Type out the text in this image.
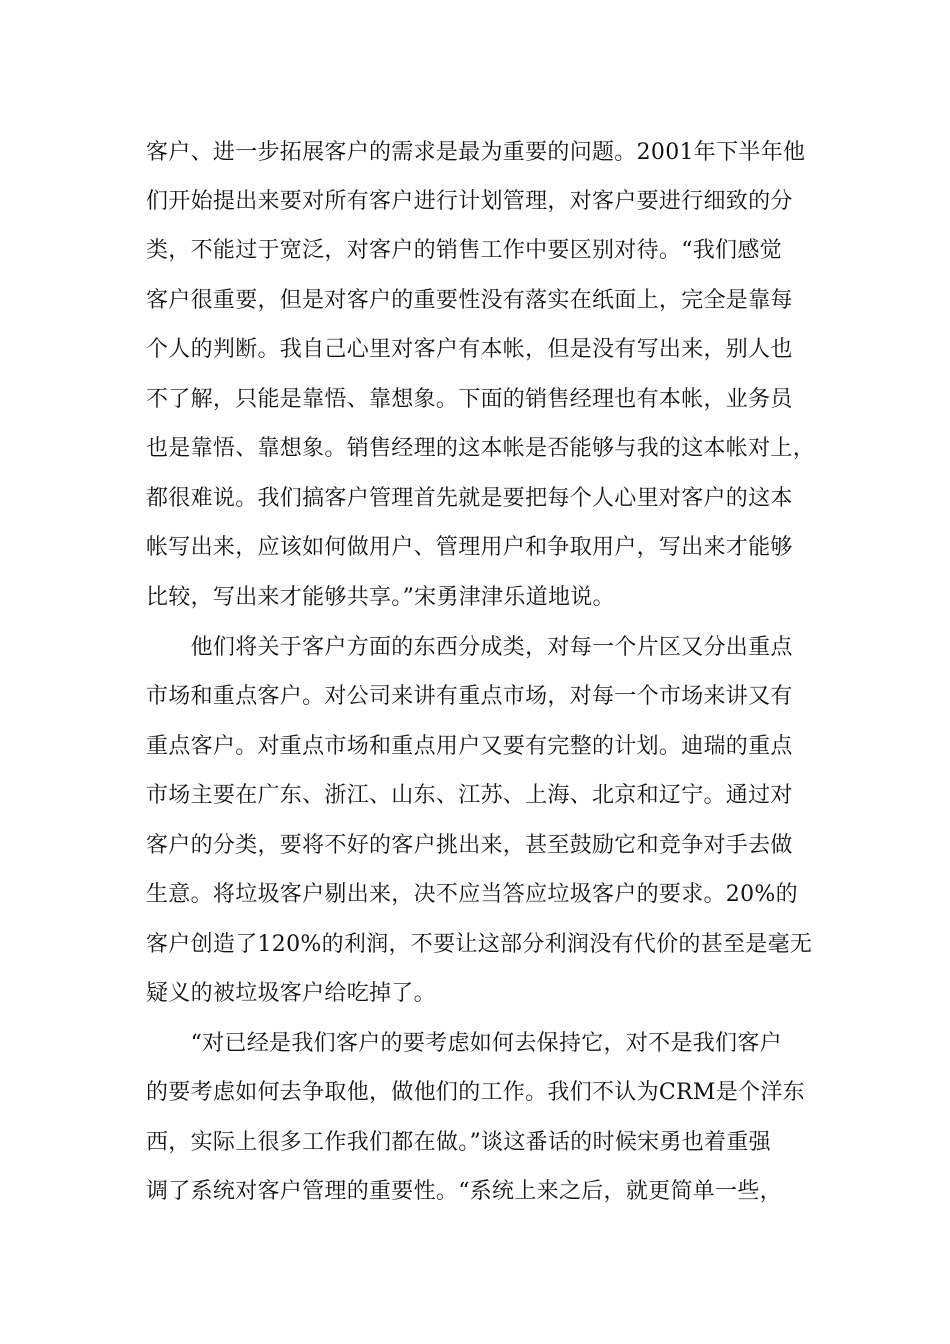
客户、进一步拓展客户的需求是最为重要的问题。2001年下半年他
们开始提出来要对所有客户进行计划管理，对客户要进行细致的分
类，不能过于宽泛，对客户的销售工作中要区别对待。“我们感觉
客户很重要，但是对客户的重要性没有落实在纸面上，完全是靠每
个人的判断。我自己心里对客户有本帐，但是没有写出来，别人也
不了解，只能是靠悟、靠想象。下面的销售经理也有本帐，业务员
也是靠悟、靠想象。销售经理的这本帐是否能够与我的这本帐对上，
都很难说。我们搞客户管理首先就是要把每个人心里对客户的这本
帐写出来，应该如何做用户、管理用户和争取用户，写出来才能够
比较，写出来才能够共享。”宋勇津津乐道地说。
　　他们将关于客户方面的东西分成类，对每一个片区又分出重点
市场和重点客户。对公司来讲有重点市场，对每一个市场来讲又有
重点客户。对重点市场和重点用户又要有完整的计划。迪瑞的重点
市场主要在广东、浙江、山东、江苏、上海、北京和辽宁。通过对
客户的分类，要将不好的客户挑出来，甚至鼓励它和竞争对手去做
生意。将垃圾客户剔出来，决不应当答应垃圾客户的要求。20%的
客户创造了120%的利润，不要让这部分利润没有代价的甚至是毫无
疑义的被垃圾客户给吃掉了。
　　“对已经是我们客户的要考虑如何去保持它，对不是我们客户
的要考虑如何去争取他，做他们的工作。我们不认为CRM是个洋东
西，实际上很多工作我们都在做。”谈这番话的时候宋勇也着重强
调了系统对客户管理的重要性。“系统上来之后，就更简单一些，
